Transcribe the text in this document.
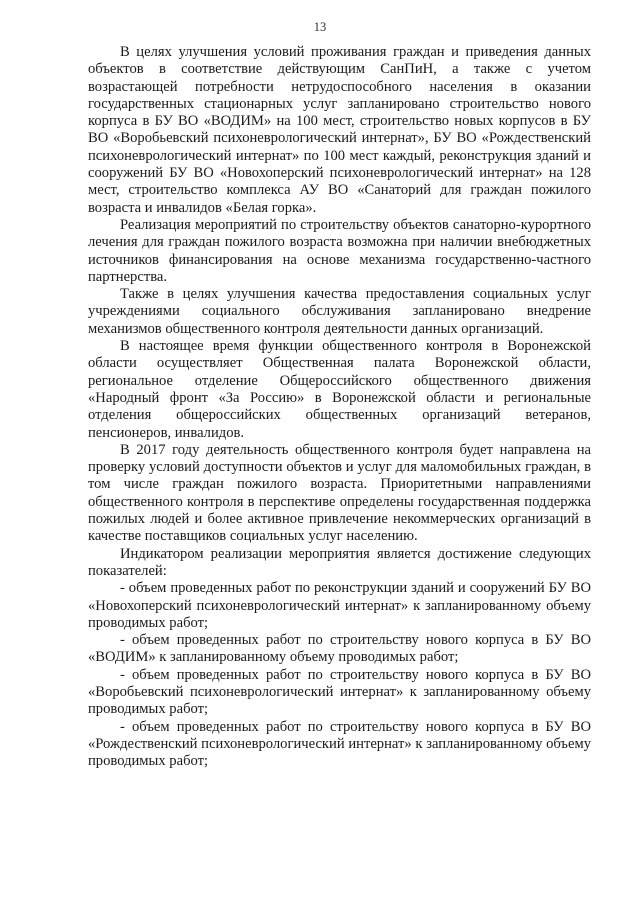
13

В целях улучшения условий проживания граждан и приведения данных объектов в соответствие действующим СанПиН, а также с учетом возрастающей потребности нетрудоспособного населения в оказании государственных стационарных услуг запланировано строительство нового корпуса в БУ ВО «ВОДИМ» на 100 мест, строительство новых корпусов в БУ ВО «Воробьевский психоневрологический интернат», БУ ВО «Рождественский психоневрологический интернат» по 100 мест каждый, реконструкция зданий и сооружений БУ ВО «Новохоперский психоневрологический интернат» на 128 мест, строительство комплекса АУ ВО «Санаторий для граждан пожилого возраста и инвалидов «Белая горка».

Реализация мероприятий по строительству объектов санаторно-курортного лечения для граждан пожилого возраста возможна при наличии внебюджетных источников финансирования на основе механизма государственно-частного партнерства.

Также в целях улучшения качества предоставления социальных услуг учреждениями социального обслуживания запланировано внедрение механизмов общественного контроля деятельности данных организаций.

В настоящее время функции общественного контроля в Воронежской области осуществляет Общественная палата Воронежской области, региональное отделение Общероссийского общественного движения «Народный фронт «За Россию» в Воронежской области и региональные отделения общероссийских общественных организаций ветеранов, пенсионеров, инвалидов.

В 2017 году деятельность общественного контроля будет направлена на проверку условий доступности объектов и услуг для маломобильных граждан, в том числе граждан пожилого возраста. Приоритетными направлениями общественного контроля в перспективе определены государственная поддержка пожилых людей и более активное привлечение некоммерческих организаций в качестве поставщиков социальных услуг населению.

Индикатором реализации мероприятия является достижение следующих показателей:

- объем проведенных работ по реконструкции зданий и сооружений БУ ВО «Новохоперский психоневрологический интернат» к запланированному объему проводимых работ;

- объем проведенных работ по строительству нового корпуса в БУ ВО «ВОДИМ» к запланированному объему проводимых работ;

- объем проведенных работ по строительству нового корпуса в БУ ВО «Воробьевский психоневрологический интернат» к запланированному объему проводимых работ;

- объем проведенных работ по строительству нового корпуса в БУ ВО «Рождественский психоневрологический интернат» к запланированному объему проводимых работ;
